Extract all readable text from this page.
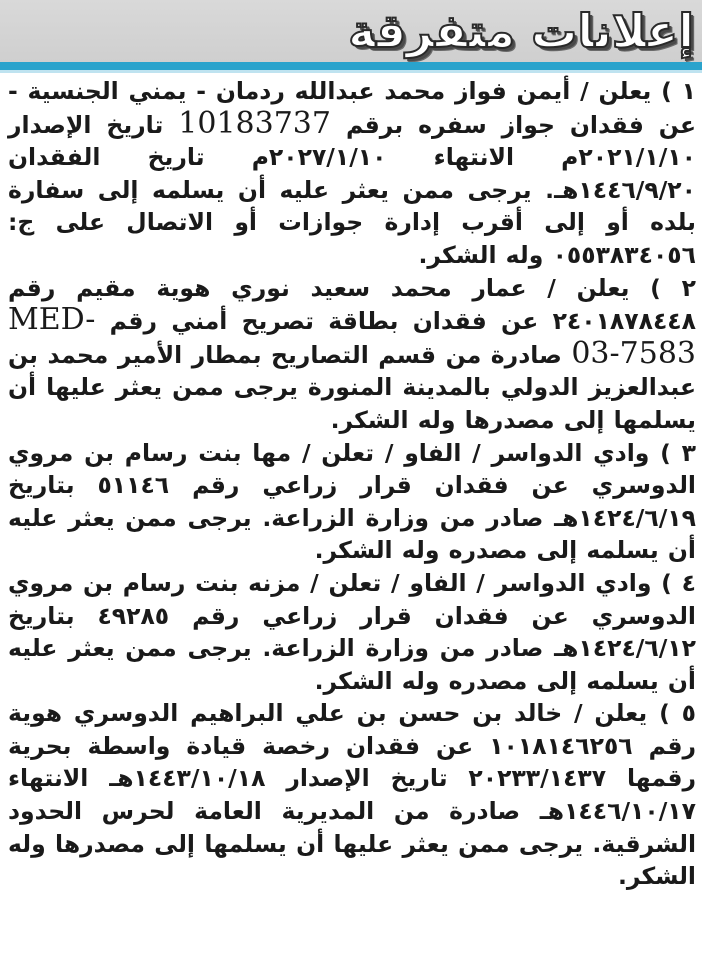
إعلانات متفرقة

١ ) يعلن / أيمن فواز محمد عبدالله ردمان - يمني الجنسية - عن فقدان جواز سفره برقم 10183737 تاريخ الإصدار ٢٠٢١/١/١٠م الانتهاء ٢٠٢٧/١/١٠م تاريخ الفقدان ١٤٤٦/٩/٢٠هـ. يرجى ممن يعثر عليه أن يسلمه إلى سفارة بلده أو إلى أقرب إدارة جوازات أو الاتصال على ج: ٠٥٥٣٨٣٤٠٥٦ وله الشكر.

٢ ) يعلن / عمار محمد سعيد نوري هوية مقيم رقم ٢٤٠١٨٧٨٤٤٨ عن فقدان بطاقة تصريح أمني رقم MED-03-7583 صادرة من قسم التصاريح بمطار الأمير محمد بن عبدالعزيز الدولي بالمدينة المنورة يرجى ممن يعثر عليها أن يسلمها إلى مصدرها وله الشكر.

٣ ) وادي الدواسر / الفاو / تعلن / مها بنت رسام بن مروي الدوسري عن فقدان قرار زراعي رقم ٥١١٤٦ بتاريخ ١٤٢٤/٦/١٩هـ صادر من وزارة الزراعة. يرجى ممن يعثر عليه أن يسلمه إلى مصدره وله الشكر.

٤ ) وادي الدواسر / الفاو / تعلن / مزنه بنت رسام بن مروي الدوسري عن فقدان قرار زراعي رقم ٤٩٢٨٥ بتاريخ ١٤٢٤/٦/١٢هـ صادر من وزارة الزراعة. يرجى ممن يعثر عليه أن يسلمه إلى مصدره وله الشكر.

٥ ) يعلن / خالد بن حسن بن علي البراهيم الدوسري هوية رقم ١٠١٨١٤٦٢٥٦ عن فقدان رخصة قيادة واسطة بحرية رقمها ٢٠٢٣٣/١٤٣٧ تاريخ الإصدار ١٤٤٣/١٠/١٨هـ الانتهاء ١٤٤٦/١٠/١٧هـ صادرة من المديرية العامة لحرس الحدود الشرقية. يرجى ممن يعثر عليها أن يسلمها إلى مصدرها وله الشكر.
